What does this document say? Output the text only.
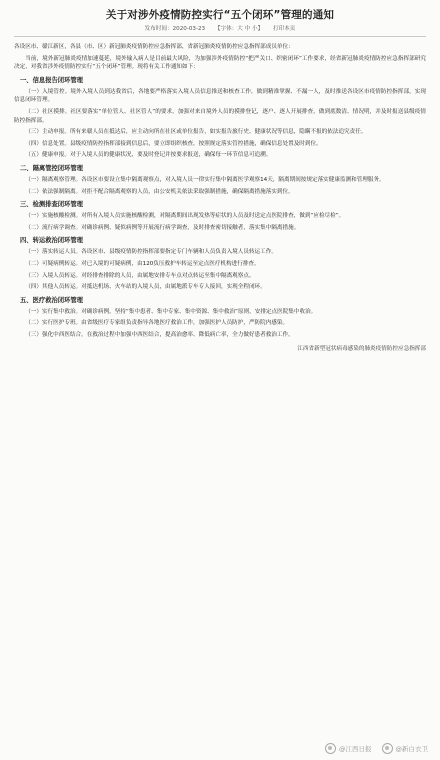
关于对涉外疫情防控实行“五个闭环”管理的通知
发布时间：2020-03-23 【字体：大 中 小】 打印本页
各设区市、赣江新区，各县（市、区）新冠肺炎疫情防控应急指挥部，省新冠肺炎疫情防控应急指挥部成员单位：
当前，境外新冠肺炎疫情加速蔓延，境外输入病人是目前最大风险，为加强涉外疫情防控“把严关口、织密闭环”工作要求，经省新冠肺炎疫情防控应急指挥部研究决定，对我省涉外疫情防控实行“五个闭环”管理。现将有关工作通知如下：
一、信息报告闭环管理
（一）入境管控。境外入境人员到达我省后，各地要严格落实入境人员信息推送和核查工作，做到精准掌握、不漏一人，及时推送各设区市疫情防控指挥部，实现信息闭环管理。
（二）社区摸排。社区要落实“单位管人、社区管人”的要求，加强对来自境外人员的摸排登记，逐户、逐人开展排查，做到底数清、情况明，并及时报送县级疫情防控指挥部。
（三）主动申报。所有来赣人员在抵达后，应主动向所在社区或单位报告，如实报告旅行史、健康状况等信息，隐瞒不报的依法追究责任。
（四）信息处置。县级疫情防控指挥部接到信息后，要立即组织核查，按照规定落实管控措施，确保信息处置及时到位。
（五）健康申报。对于入境人员的健康状况，要及时登记并按要求报送，确保每一环节信息可追溯。
二、隔离管控闭环管理
（一）隔离观察管理。各设区市要设立集中隔离观察点，对入境人员一律实行集中隔离医学观察14天，隔离期间按规定落实健康监测和管理服务。
（二）依法强制隔离。对拒不配合隔离观察的人员，由公安机关依法采取强制措施，确保隔离措施落实到位。
三、检测排查闭环管理
（一）实施核酸检测。对所有入境人员实施核酸检测，对隔离期间出现发热等症状的人员及时送定点医院排查，做到“应检尽检”。
（二）流行病学调查。对确诊病例、疑似病例等开展流行病学调查，及时排查密切接触者，落实集中隔离措施。
四、转运救治闭环管理
（一）落实转运人员。各设区市、县级疫情防控指挥部要指定专门车辆和人员负责入境人员转运工作。
（二）可疑病例转运。对已入境的可疑病例，由120负压救护车转运至定点医疗机构进行排查。
（三）入境人员转运。对经排查排除的人员，由属地安排专车点对点转运至集中隔离观察点。
（四）其他人员转运。对抵达机场、火车站的入境人员，由属地派专车专人接回，实现全程闭环。
五、医疗救治闭环管理
（一）实行集中救治。对确诊病例，坚持“集中患者、集中专家、集中资源、集中救治”原则，安排定点医院集中收治。
（二）实行医护专班。由省级医疗专家组负责指导各地医疗救治工作，加强医护人员防护，严防院内感染。
（三）强化中西医结合。在救治过程中加强中西医结合，提高治愈率、降低病亡率，全力做好患者救治工作。
江西省新型冠状病毒感染的肺炎疫情防控应急指挥部
@江西日报	@新白衣卫
